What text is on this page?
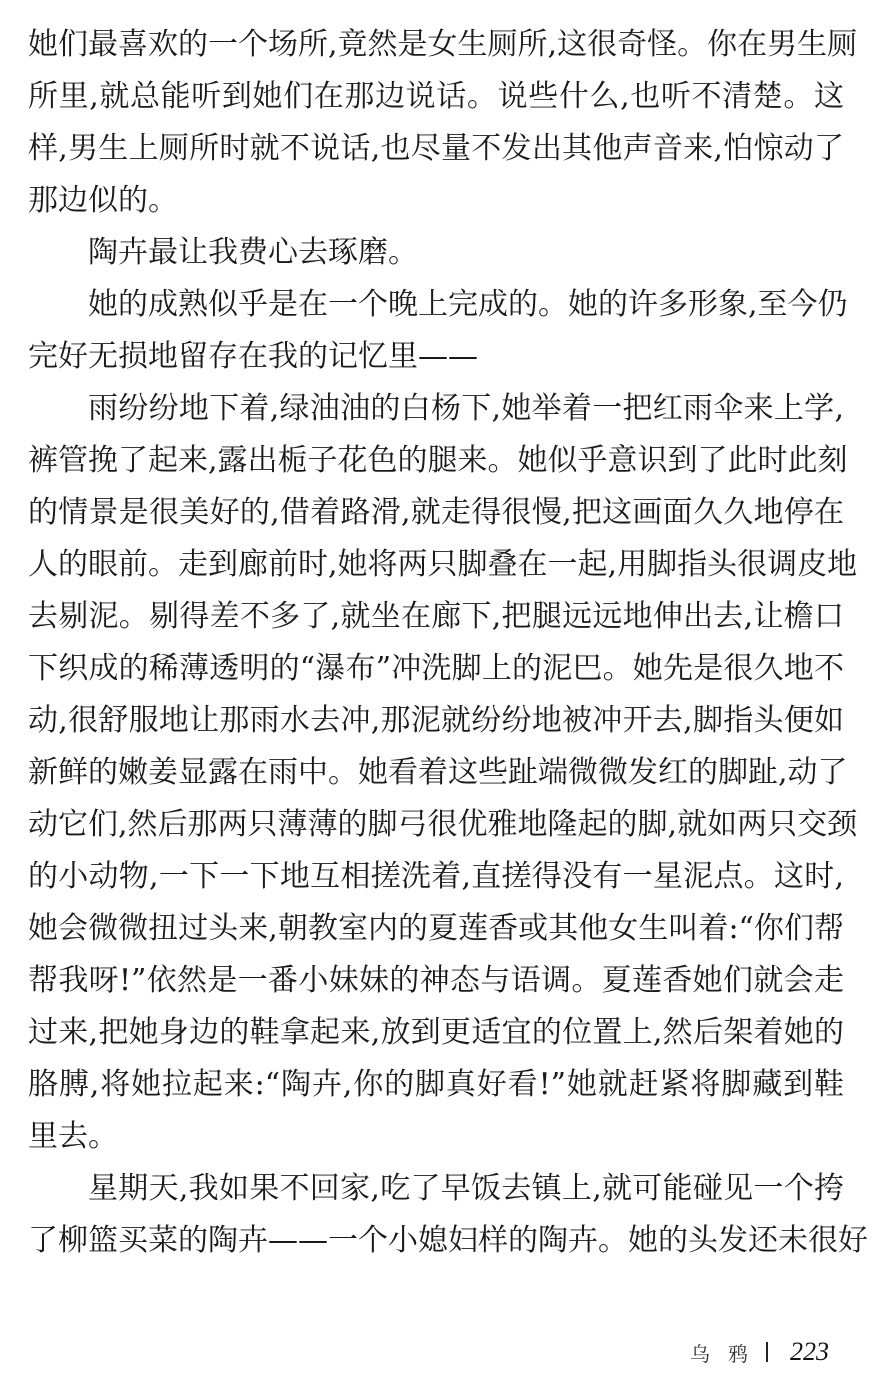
她们最喜欢的一个场所,竟然是女生厕所,这很奇怪。你在男生厕
所里,就总能听到她们在那边说话。说些什么,也听不清楚。这
样,男生上厕所时就不说话,也尽量不发出其他声音来,怕惊动了
那边似的。
陶卉最让我费心去琢磨。
她的成熟似乎是在一个晚上完成的。她的许多形象,至今仍
完好无损地留存在我的记忆里——
雨纷纷地下着,绿油油的白杨下,她举着一把红雨伞来上学,
裤管挽了起来,露出栀子花色的腿来。她似乎意识到了此时此刻
的情景是很美好的,借着路滑,就走得很慢,把这画面久久地停在
人的眼前。走到廊前时,她将两只脚叠在一起,用脚指头很调皮地
去剔泥。剔得差不多了,就坐在廊下,把腿远远地伸出去,让檐口
下织成的稀薄透明的“瀑布”冲洗脚上的泥巴。她先是很久地不
动,很舒服地让那雨水去冲,那泥就纷纷地被冲开去,脚指头便如
新鲜的嫩姜显露在雨中。她看着这些趾端微微发红的脚趾,动了
动它们,然后那两只薄薄的脚弓很优雅地隆起的脚,就如两只交颈
的小动物,一下一下地互相搓洗着,直搓得没有一星泥点。这时,
她会微微扭过头来,朝教室内的夏莲香或其他女生叫着:“你们帮
帮我呀!”依然是一番小妹妹的神态与语调。夏莲香她们就会走
过来,把她身边的鞋拿起来,放到更适宜的位置上,然后架着她的
胳膊,将她拉起来:“陶卉,你的脚真好看!”她就赶紧将脚藏到鞋
里去。
星期天,我如果不回家,吃了早饭去镇上,就可能碰见一个挎
了柳篮买菜的陶卉——一个小媳妇样的陶卉。她的头发还未很好
乌鸦 223
